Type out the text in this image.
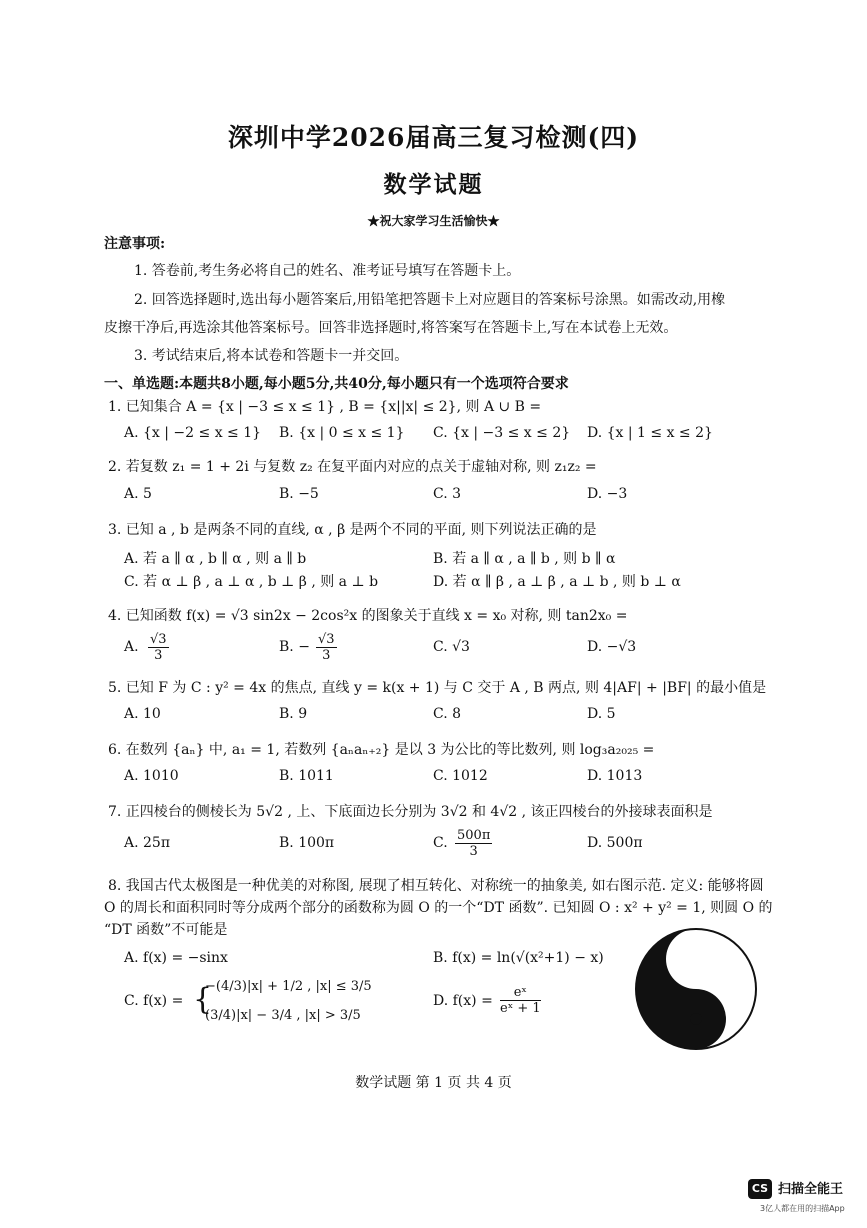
深圳中学2026届高三复习检测(四)
数学试题
★祝大家学习生活愉快★
注意事项:
1. 答卷前,考生务必将自己的姓名、准考证号填写在答题卡上。
2. 回答选择题时,选出每小题答案后,用铅笔把答题卡上对应题目的答案标号涂黑。如需改动,用橡
皮擦干净后,再选涂其他答案标号。回答非选择题时,将答案写在答题卡上,写在本试卷上无效。
3. 考试结束后,将本试卷和答题卡一并交回。
一、单选题:本题共8小题,每小题5分,共40分,每小题只有一个选项符合要求
1. 已知集合 A = {x | −3 ≤ x ≤ 1} , B = {x||x| ≤ 2}, 则 A ∪ B =
A. {x | −2 ≤ x ≤ 1} B. {x | 0 ≤ x ≤ 1} C. {x | −3 ≤ x ≤ 2} D. {x | 1 ≤ x ≤ 2}
2. 若复数 z₁ = 1 + 2i 与复数 z₂ 在复平面内对应的点关于虚轴对称, 则 z₁z₂ =
A. 5	B. −5	C. 3	D. −3
3. 已知 a , b 是两条不同的直线, α , β 是两个不同的平面, 则下列说法正确的是
A. 若 a ∥ α , b ∥ α , 则 a ∥ b	B. 若 a ∥ α , a ∥ b , 则 b ∥ α
C. 若 α ⊥ β , a ⊥ α , b ⊥ β , 则 a ⊥ b	D. 若 α ∥ β , a ⊥ β , a ⊥ b , 则 b ⊥ α
4. 已知函数 f(x) = √3 sin2x − 2cos²x 的图象关于直线 x = x₀ 对称, 则 tan2x₀ =
A. $\frac{√3}{3}$	B. − $\frac{√3}{3}$	C. √3	D. −√3
5. 已知 F 为 C : y² = 4x 的焦点, 直线 y = k(x + 1) 与 C 交于 A , B 两点, 则 4|AF| + |BF| 的最小值是
A. 10	B. 9	C. 8	D. 5
6. 在数列 {aₙ} 中, a₁ = 1, 若数列 {aₙaₙ₊₂} 是以 3 为公比的等比数列, 则 log₃a₂₀₂₅ =
A. 1010	B. 1011	C. 1012	D. 1013
7. 正四棱台的侧棱长为 5√2 , 上、下底面边长分别为 3√2 和 4√2 , 该正四棱台的外接球表面积是
A. 25π	B. 100π	C. $\frac{500\pi}{3}$	D. 500π
8. 我国古代太极图是一种优美的对称图, 展现了相互转化、对称统一的抽象美, 如右图示范. 定义: 能够将圆
O 的周长和面积同时等分成两个部分的函数称为圆 O 的一个“DT 函数”. 已知圆 O : x² + y² = 1, 则圆 O 的
“DT 函数”不可能是
A. f(x) = −sinx	B. f(x) = ln(√(x²+1) − x)
C. f(x) = {
−(4/3)|x| + 1/2 , |x| ≤ 3/5
(3/4)|x| − 3/4 , |x| > 3/5
D. $f(x) = \frac{\text{eˣ}}{\text{eˣ + 1}}$
数学试题 第 1 页 共 4 页
CS 扫描全能王
3亿人都在用的扫描App
